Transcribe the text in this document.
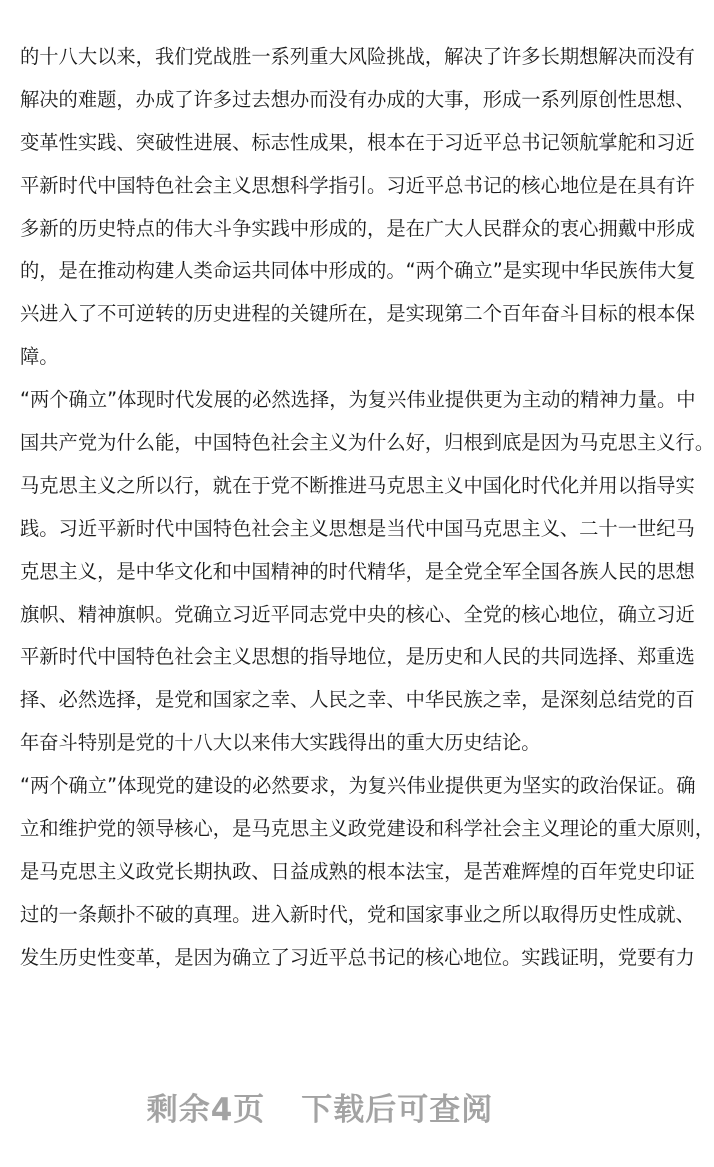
的十八大以来，我们党战胜一系列重大风险挑战，解决了许多长期想解决而没有
解决的难题，办成了许多过去想办而没有办成的大事，形成一系列原创性思想、
变革性实践、突破性进展、标志性成果，根本在于习近平总书记领航掌舵和习近
平新时代中国特色社会主义思想科学指引。习近平总书记的核心地位是在具有许
多新的历史特点的伟大斗争实践中形成的，是在广大人民群众的衷心拥戴中形成
的，是在推动构建人类命运共同体中形成的。“两个确立”是实现中华民族伟大复
兴进入了不可逆转的历史进程的关键所在，是实现第二个百年奋斗目标的根本保
障。
“两个确立”体现时代发展的必然选择，为复兴伟业提供更为主动的精神力量。中
国共产党为什么能，中国特色社会主义为什么好，归根到底是因为马克思主义行。
马克思主义之所以行，就在于党不断推进马克思主义中国化时代化并用以指导实
践。习近平新时代中国特色社会主义思想是当代中国马克思主义、二十一世纪马
克思主义，是中华文化和中国精神的时代精华，是全党全军全国各族人民的思想
旗帜、精神旗帜。党确立习近平同志党中央的核心、全党的核心地位，确立习近
平新时代中国特色社会主义思想的指导地位，是历史和人民的共同选择、郑重选
择、必然选择，是党和国家之幸、人民之幸、中华民族之幸，是深刻总结党的百
年奋斗特别是党的十八大以来伟大实践得出的重大历史结论。
“两个确立”体现党的建设的必然要求，为复兴伟业提供更为坚实的政治保证。确
立和维护党的领导核心，是马克思主义政党建设和科学社会主义理论的重大原则，
是马克思主义政党长期执政、日益成熟的根本法宝，是苦难辉煌的百年党史印证
过的一条颠扑不破的真理。进入新时代，党和国家事业之所以取得历史性成就、
发生历史性变革，是因为确立了习近平总书记的核心地位。实践证明，党要有力
剩余4页 下载后可查阅
